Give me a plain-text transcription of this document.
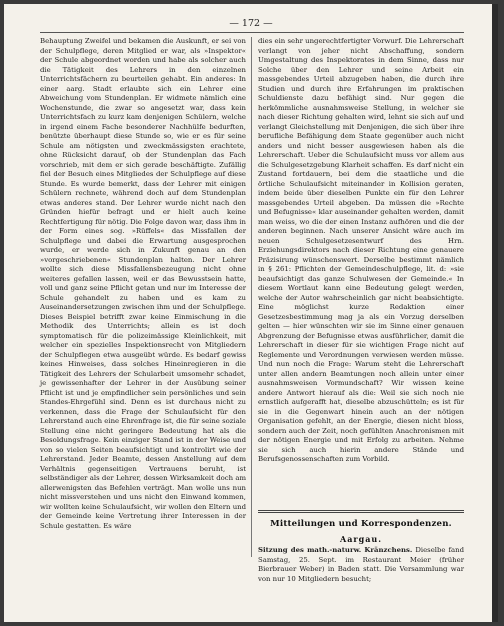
— 172 —

Behauptung Zweifel und bekamen die Auskunft, er sei von der Schulpflege, deren Mitglied er war, als »Inspektor« der Schule abgeordnet worden und habe als solcher auch die Tätigkeit des Lehrers in den einzelnen Unterrichtsfächern zu beurteilen gehabt. Ein anderes: In einer aarg. Stadt erlaubte sich ein Lehrer eine Abweichung vom Stundenplan. Er widmete nämlich eine Wochenstunde, die zwar so angesetzt war, dass kein Unterrichtsfach zu kurz kam denjenigen Schülern, welche in irgend einem Fache besonderer Nachhülfe bedurften, benützte überhaupt diese Stunde so, wie er es für seine Schule am nötigsten und zweckmässigsten erachtete, ohne Rücksicht darauf, ob der Stundenplan das Fach vorschrieb, mit dem er sich gerade beschäftigte. Zufällig fiel der Besuch eines Mitgliedes der Schulpflege auf diese Stunde. Es wurde bemerkt, dass der Lehrer mit einigen Schülern rechnete, während doch auf dem Stundenplan etwas anderes stand. Der Lehrer wurde nicht nach den Gründen hiefür befragt und er hielt auch keine Rechtfertigung für nötig. Die Folge davon war, dass ihm in der Form eines sog. »Rüffels« das Missfallen der Schulpflege und dabei die Erwartung ausgesprochen wurde, er werde sich in Zukunft genau an den »vorgeschriebenen« Stundenplan halten. Der Lehrer wollte sich diese Missfallensbezeugung nicht ohne weiteres gefallen lassen, weil er das Bewusstsein hatte, voll und ganz seine Pflicht getan und nur im Interesse der Schule gehandelt zu haben und es kam zu Auseinandersetzungen zwischen ihm und der Schulpflege. Dieses Beispiel betrifft zwar keine Einmischung in die Methodik des Unterrichts; allein es ist doch symptomatisch für die polizeimässige Kleinlichkeit, mit welcher ein spezielles Inspektionsrecht von Mitgliedern der Schulpflegen etwa ausgeübt würde. Es bedarf gewiss keines Hinweises, dass solches Hineinregieren in die Tätigkeit des Lehrers der Schularbeit umsomehr schadet, je gewissenhafter der Lehrer in der Ausübung seiner Pflicht ist und je empfindlicher sein persönliches und sein Standes-Ehrgefühl sind. Denn es ist durchaus nicht zu verkennen, dass die Frage der Schulaufsicht für den Lehrerstand auch eine Ehrenfrage ist, die für seine soziale Stellung eine nicht geringere Bedeutung hat als die Besoldungsfrage. Kein einziger Stand ist in der Weise und von so vielen Seiten beaufsichtigt und kontrolirt wie der Lehrerstand. Jeder Beamte, dessen Anstellung auf dem Verhältnis gegenseitigen Vertrauens beruht, ist selbständiger als der Lehrer, dessen Wirksamkeit doch am allerwenigsten das Befehlen verträgt. Man wolle uns nun nicht missverstehen und uns nicht den Einwand kommen, wir wollten keine Schulaufsicht, wir wollen den Eltern und der Gemeinde keine Vertretung ihrer Interessen in der Schule gestatten. Es wäre

dies ein sehr ungerechtfertigter Vorwurf. Die Lehrerschaft verlangt von jeher nicht Abschaffung, sondern Umgestaltung des Inspektorates in dem Sinne, dass nur Solche über den Lehrer und seine Arbeit ein massgebendes Urteil abzugeben haben, die durch ihre Studien und durch ihre Erfahrungen im praktischen Schuldienste dazu befähigt sind. Nur gegen die herkömmliche ausnahmsweise Stellung, in welcher sie nach dieser Richtung gehalten wird, lehnt sie sich auf und verlangt Gleichstellung mit Denjenigen, die sich über ihre berufliche Befähigung dem Staate gegenüber auch nicht anders und nicht besser ausgewiesen haben als die Lehrerschaft. Ueber die Schulaufsicht muss vor allem aus die Schulgesetzgebung Klarheit schaffen. Es darf nicht ein Zustand fortdauern, bei dem die staatliche und die örtliche Schulaufsicht miteinander in Kollision geraten, indem beide über dieselben Punkte ein für den Lehrer massgebendes Urteil abgeben. Da müssen die »Rechte und Befugnisse« klar auseinander gehalten werden, damit man weiss, wo die der einen Instanz aufhören und die der anderen beginnen. Nach unserer Ansicht wäre auch im neuen Schulgesetzesentwurf des Hrn. Erziehungsdirektors nach dieser Richtung eine genauere Präzisirung wünschenswert. Derselbe bestimmt nämlich in § 261: Pflichten der Gemeindeschulpflege, lit. d: »sie beaufsichtigt das ganze Schulwesen der Gemeinde.« In diesem Wortlaut kann eine Bedeutung gelegt werden, welche der Autor wahrscheinlich gar nicht beabsichtigte. Eine möglichst kurze Redaktion einer Gesetzesbestimmung mag ja als ein Vorzug derselben gelten — hier wünschten wir sie im Sinne einer genauen Abgrenzung der Befugnisse etwas ausführlicher, damit die Lehrerschaft in dieser für sie wichtigen Frage nicht auf Reglemente und Verordnungen verwiesen werden müsse. Und nun noch die Frage: Warum steht die Lehrerschaft unter allen andern Beamtungen noch allein unter einer ausnahmsweisen Vormundschaft? Wir wissen keine andere Antwort hierauf als die: Weil sie sich noch nie ernstlich aufgerafft hat, dieselbe abzuschütteln; es ist für sie in die Gegenwart hinein auch an der nötigen Organisation gefehlt, an der Energie, diesen nicht bloss, sondern auch der Zeit, noch gefühlten Anachronismen mit der nötigen Energie und mit Erfolg zu arbeiten. Nehme sie sich auch hierin andere Stände und Berufsgenossenschaften zum Vorbild.

Mitteilungen und Korrespondenzen.
Aargau.

Sitzung des math.-naturw. Kränzchens. Dieselbe fand Samstag, 25. Sept. im Restaurant Meier (früher Bierbrauer Weber) in Baden statt. Die Versammlung war von nur 10 Mitgliedern besucht;
